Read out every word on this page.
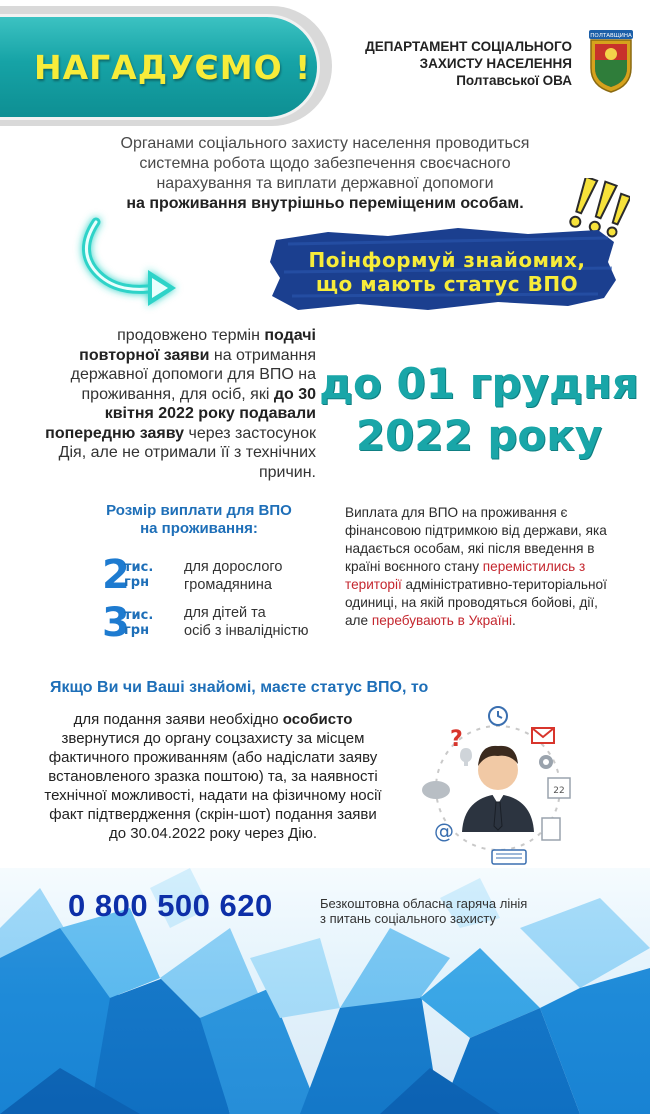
НАГАДУЄМО !
ДЕПАРТАМЕНТ СОЦІАЛЬНОГО
ЗАХИСТУ НАСЕЛЕННЯ
Полтавської ОВА
ПОЛТАВЩИНА
Органами соціального захисту населення проводиться
системна робота щодо забезпечення своєчасного
нарахування та виплати державної допомоги
на проживання внутрішньо переміщеним особам.
Поінформуй знайомих,
що мають статус ВПО
продовжено термін подачі повторної заяви на отримання державної допомоги для ВПО на проживання, для осіб, які до 30 квітня 2022 року подавали попередню заяву через застосунок Дія, але не отримали її з технічних причин.
до 01 грудня
2022 року
Розмір виплати для ВПО
на проживання:
2
тис.
грн
для дорослого
громадянина
3
тис.
грн
для дітей та
осіб з інвалідністю
Виплата для ВПО на проживання є фінансовою підтримкою від держави, яка надається особам, які після введення в країні воєнного стану перемістились з території адміністративно-територіальної одиниці, на якій проводяться бойові, дії, але перебувають в Україні.
Якщо Ви чи Ваші знайомі, маєте статус ВПО, то
для подання заяви необхідно особисто звернутися до органу соцзахисту за місцем фактичного проживанням (або надіслати заяву встановленого зразка поштою) та, за наявності технічної можливості, надати на фізичному носії факт підтвердження (скрін-шот) подання заяви до 30.04.2022 року через Дію.
?
22
@
0 800 500 620	Безкоштовна обласна гаряча лінія
з питань соціального захисту
